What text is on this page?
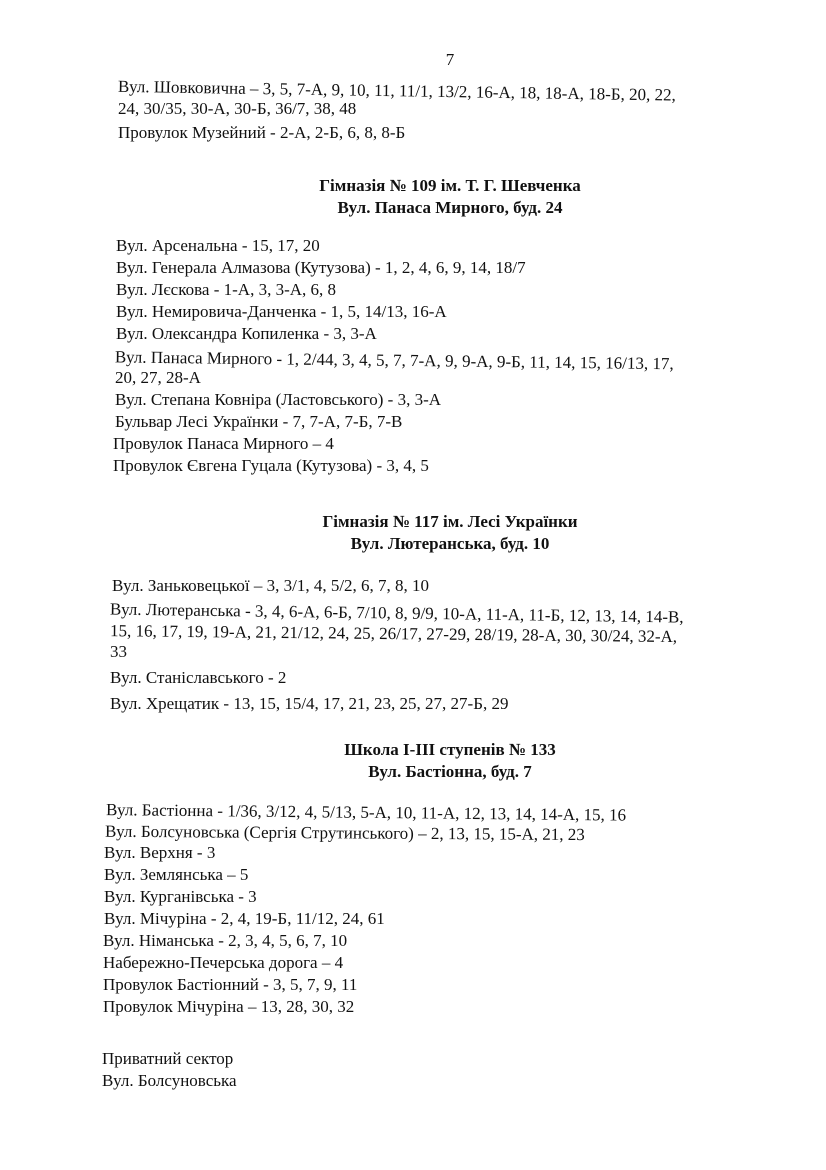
7
Вул. Шовковична – 3, 5, 7-А, 9, 10, 11, 11/1, 13/2, 16-А, 18, 18-А, 18-Б, 20, 22,
24, 30/35, 30-А, 30-Б, 36/7, 38, 48
Провулок Музейний - 2-А, 2-Б, 6, 8, 8-Б
Гімназія № 109 ім. Т. Г. Шевченка
Вул. Панаса Мирного, буд. 24
Вул. Арсенальна - 15, 17, 20
Вул. Генерала Алмазова (Кутузова) - 1, 2, 4, 6, 9, 14, 18/7
Вул. Лєскова - 1-А, 3, 3-А, 6, 8
Вул. Немировича-Данченка - 1, 5, 14/13, 16-А
Вул. Олександра Копиленка - 3, 3-А
Вул. Панаса Мирного - 1, 2/44, 3, 4, 5, 7, 7-А, 9, 9-А, 9-Б, 11, 14, 15, 16/13, 17,
20, 27, 28-А
Вул. Степана Ковніра (Ластовського) - 3, 3-А
Бульвар Лесі Українки - 7, 7-А, 7-Б, 7-В
Провулок Панаса Мирного – 4
Провулок Євгена Гуцала (Кутузова) - 3, 4, 5
Гімназія № 117 ім. Лесі Українки
Вул. Лютеранська, буд. 10
Вул. Заньковецької – 3, 3/1, 4, 5/2, 6, 7, 8, 10
Вул. Лютеранська - 3, 4, 6-А, 6-Б, 7/10, 8, 9/9, 10-А, 11-А, 11-Б, 12, 13, 14, 14-В,
15, 16, 17, 19, 19-А, 21, 21/12, 24, 25, 26/17, 27-29, 28/19, 28-А, 30, 30/24, 32-А,
33
Вул. Станіславського - 2
Вул. Хрещатик - 13, 15, 15/4, 17, 21, 23, 25, 27, 27-Б, 29
Школа І-ІІІ ступенів № 133
Вул. Бастіонна, буд. 7
Вул. Бастіонна - 1/36, 3/12, 4, 5/13, 5-А, 10, 11-А, 12, 13, 14, 14-А, 15, 16
Вул. Болсуновська (Сергія Струтинського) – 2, 13, 15, 15-А, 21, 23
Вул. Верхня - 3
Вул. Землянська – 5
Вул. Курганівська - 3
Вул. Мічуріна - 2, 4, 19-Б, 11/12, 24, 61
Вул. Німанська - 2, 3, 4, 5, 6, 7, 10
Набережно-Печерська дорога – 4
Провулок Бастіонний - 3, 5, 7, 9, 11
Провулок Мічуріна – 13, 28, 30, 32
Приватний сектор
Вул. Болсуновська
